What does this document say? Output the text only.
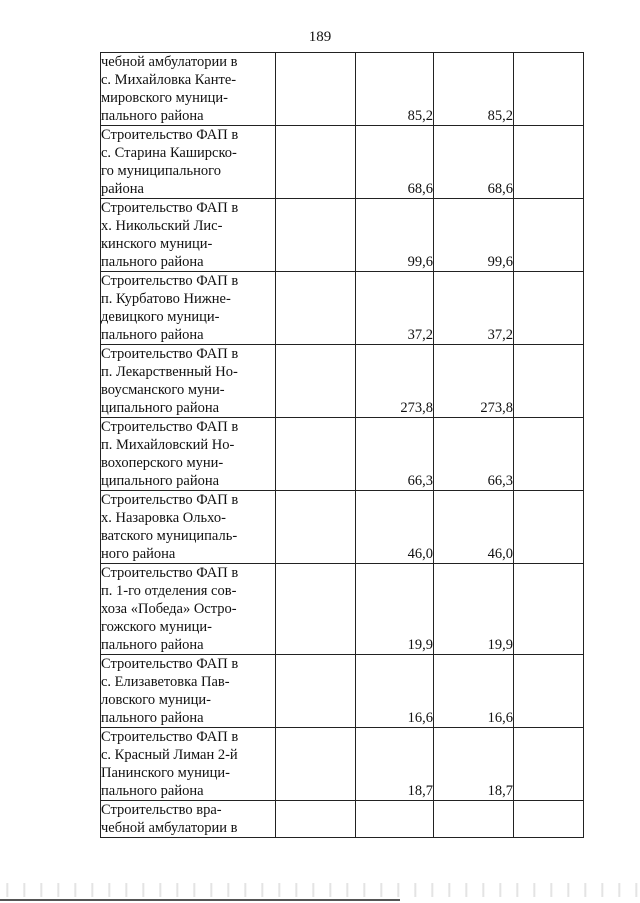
189
чебной амбулатории в
с. Михайловка Канте-
мировского муници-
пального района		85,2	85,2	
Строительство ФАП в
с. Старина Каширско-
го муниципального
района		68,6	68,6	
Строительство ФАП в
х. Никольский Лис-
кинского муници-
пального района		99,6	99,6	
Строительство ФАП в
п. Курбатово Нижне-
девицкого муници-
пального района		37,2	37,2	
Строительство ФАП в
п. Лекарственный Но-
воусманского муни-
ципального района		273,8	273,8	
Строительство ФАП в
п. Михайловский Но-
вохоперского муни-
ципального района		66,3	66,3	
Строительство ФАП в
х. Назаровка Ольхо-
ватского муниципаль-
ного района		46,0	46,0	
Строительство ФАП в
п. 1-го отделения сов-
хоза «Победа» Остро-
гожского муници-
пального района		19,9	19,9	
Строительство ФАП в
с. Елизаветовка Пав-
ловского муници-
пального района		16,6	16,6	
Строительство ФАП в
с. Красный Лиман 2-й
Панинского муници-
пального района		18,7	18,7	
Строительство вра-
чебной амбулатории в				
